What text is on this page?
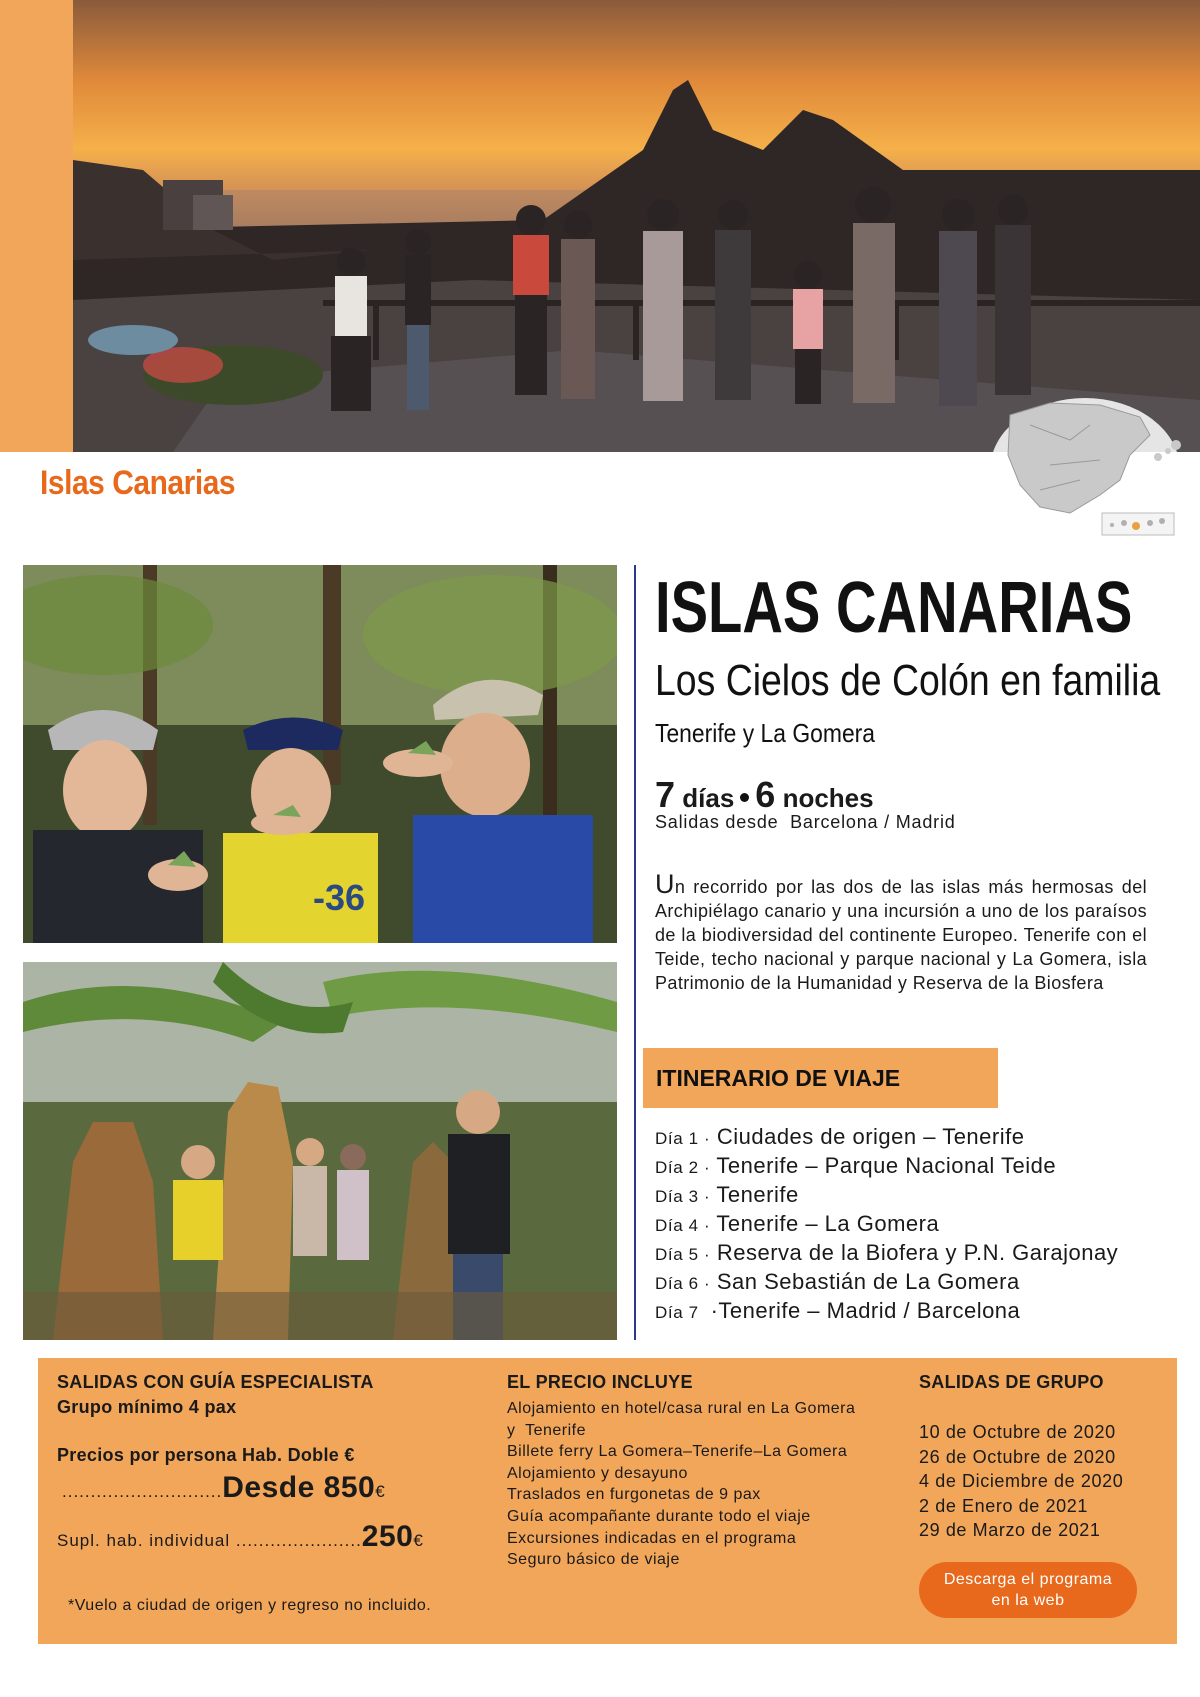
Islas Canarias
-36
ISLAS CANARIAS
Los Cielos de Colón en familia
Tenerife y La Gomera
7 días 6 noches
Salidas desde  Barcelona / Madrid
Un recorrido por las dos de las islas más hermosas del Archipiélago canario y una incursión a uno de los paraísos de la biodiversidad del continente Europeo. Tenerife con el Teide, techo nacional y parque nacional y La Gomera, isla Patrimonio de la Humanidad y Reserva de la Biosfera
ITINERARIO DE VIAJE
Día 1 · Ciudades de origen – Tenerife
Día 2 · Tenerife – Parque Nacional Teide
Día 3 · Tenerife
Día 4 · Tenerife – La Gomera
Día 5 · Reserva de la Biofera y P.N. Garajonay
Día 6 · San Sebastián de La Gomera
Día 7  ·Tenerife – Madrid / Barcelona
SALIDAS CON GUÍA ESPECIALISTA
Grupo mínimo 4 pax
Precios por persona Hab. Doble €
............................Desde 850€
Supl. hab. individual ......................250€
*Vuelo a ciudad de origen y regreso no incluido.
EL PRECIO INCLUYE
Alojamiento en hotel/casa rural en La Gomera
y  Tenerife
Billete ferry La Gomera–Tenerife–La Gomera
Alojamiento y desayuno
Traslados en furgonetas de 9 pax
Guía acompañante durante todo el viaje
Excursiones indicadas en el programa
Seguro básico de viaje
SALIDAS DE GRUPO
10 de Octubre de 2020
26 de Octubre de 2020
4 de Diciembre de 2020
2 de Enero de 2021
29 de Marzo de 2021
Descarga el programa
en la web
